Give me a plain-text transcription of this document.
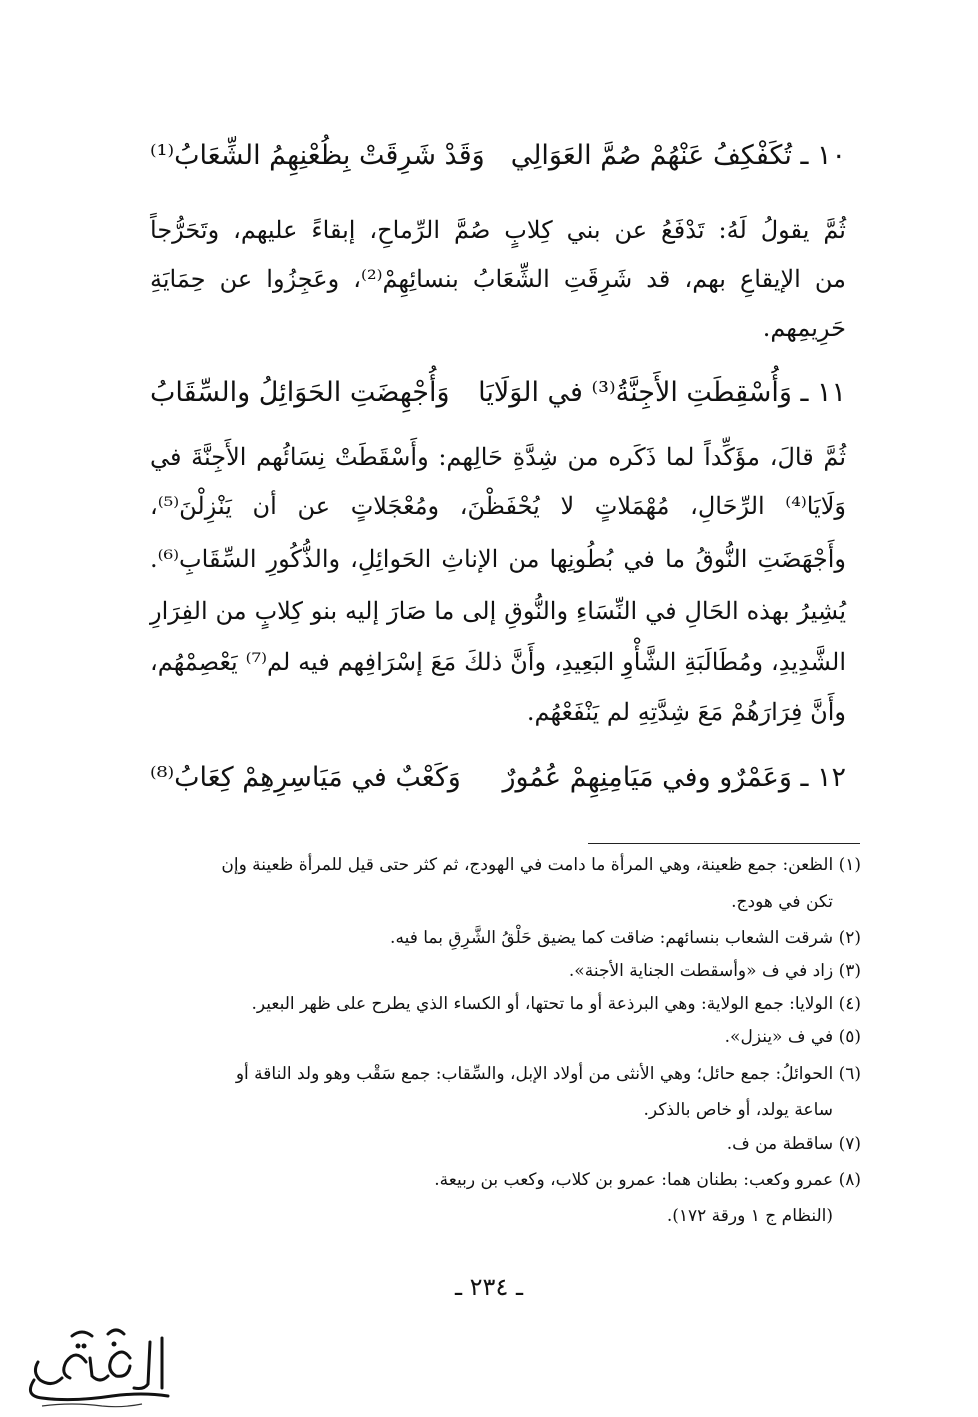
١٠ ـ تُكَفْكِفُ عَنْهُمْ صُمَّ العَوَالِي
وَقَدْ شَرِقَتْ بِظُعْنِهِمُ الشِّعَابُ⁽¹⁾
ثُمَّ يقولُ لَهُ: تَدْفَعُ عن بني كِلابٍ صُمَّ الرِّماحِ، إبقاءً عليهم، وتَحَرُّجاً
من الإيقاعِ بهم، قد شَرِقَتِ الشِّعَابُ بنسائِهِمْ⁽²⁾، وعَجِزُوا عن حِمَايَةِ
حَرِيمِهم.
١١ ـ وَأُسْقِطَتِ الأَجِنَّةُ⁽³⁾ في الوَلَايَا
وَأُجْهِضَتِ الحَوَائِلُ والسِّقَابُ
ثُمَّ قالَ، مؤَكِّداً لما ذَكَره من شِدَّةِ حَالِهم: وأَسْقَطَتْ نِسَائُهم الأَجِنَّةَ في
وَلَايَا⁽⁴⁾ الرِّحَالِ، مُهْمَلاتٍ لا يُحْفَظْنَ، ومُعْجَلاتٍ عن أن يَنْزِلْنَ⁽⁵⁾،
وأَجْهَضَتِ النُّوقُ ما في بُطُونِها من الإناثِ الحَوائِلِ، والذُّكُورِ السِّقَابِ⁽⁶⁾.
يُشِيرُ بهذه الحَالِ في النِّسَاءِ والنُّوقِ إلى ما صَارَ إليه بنو كِلابٍ من الفِرَارِ
الشَّدِيدِ، ومُطَالَبَةِ الشَّأْوِ البَعِيدِ، وأَنَّ ذلكَ مَعَ إسْرَافِهم فيه لم⁽⁷⁾ يَعْصِمْهُم،
وأَنَّ فِرَارَهُمْ مَعَ شِدَّتِهِ لم يَنْفَعْهُم.
١٢ ـ وَعَمْرٌو وفي مَيَامِنِهِمْ عُمُورٌ
وَكَعْبٌ في مَيَاسِرِهِمْ كِعَابُ⁽⁸⁾
(١) الظعن: جمع ظعينة، وهي المرأة ما دامت في الهودج، ثم كثر حتى قيل للمرأة ظعينة وإن
تكن في هودج.
(٢) شرقت الشعاب بنسائهم: ضاقت كما يضيق حَلْقُ الشَّرِقِ بما فيه.
(٣) زاد في ف «وأسقطت الجناية الأجنة».
(٤) الولايا: جمع الولاية: وهي البرذعة أو ما تحتها، أو الكساء الذي يطرح على ظهر البعير.
(٥) في ف «ينزل».
(٦) الحوائلُ: جمع حائل؛ وهي الأنثى من أولاد الإبل، والسِّقاب: جمع سَقْب وهو ولد الناقة أو
ساعة يولد، أو خاص بالذكر.
(٧) ساقطة من ف.
(٨) عمرو وكعب: بطنان هما: عمرو بن كلاب، وكعب بن ربيعة.
(النظام ج ١ ورقة ١٧٢).
ـ ٢٣٤ ـ
